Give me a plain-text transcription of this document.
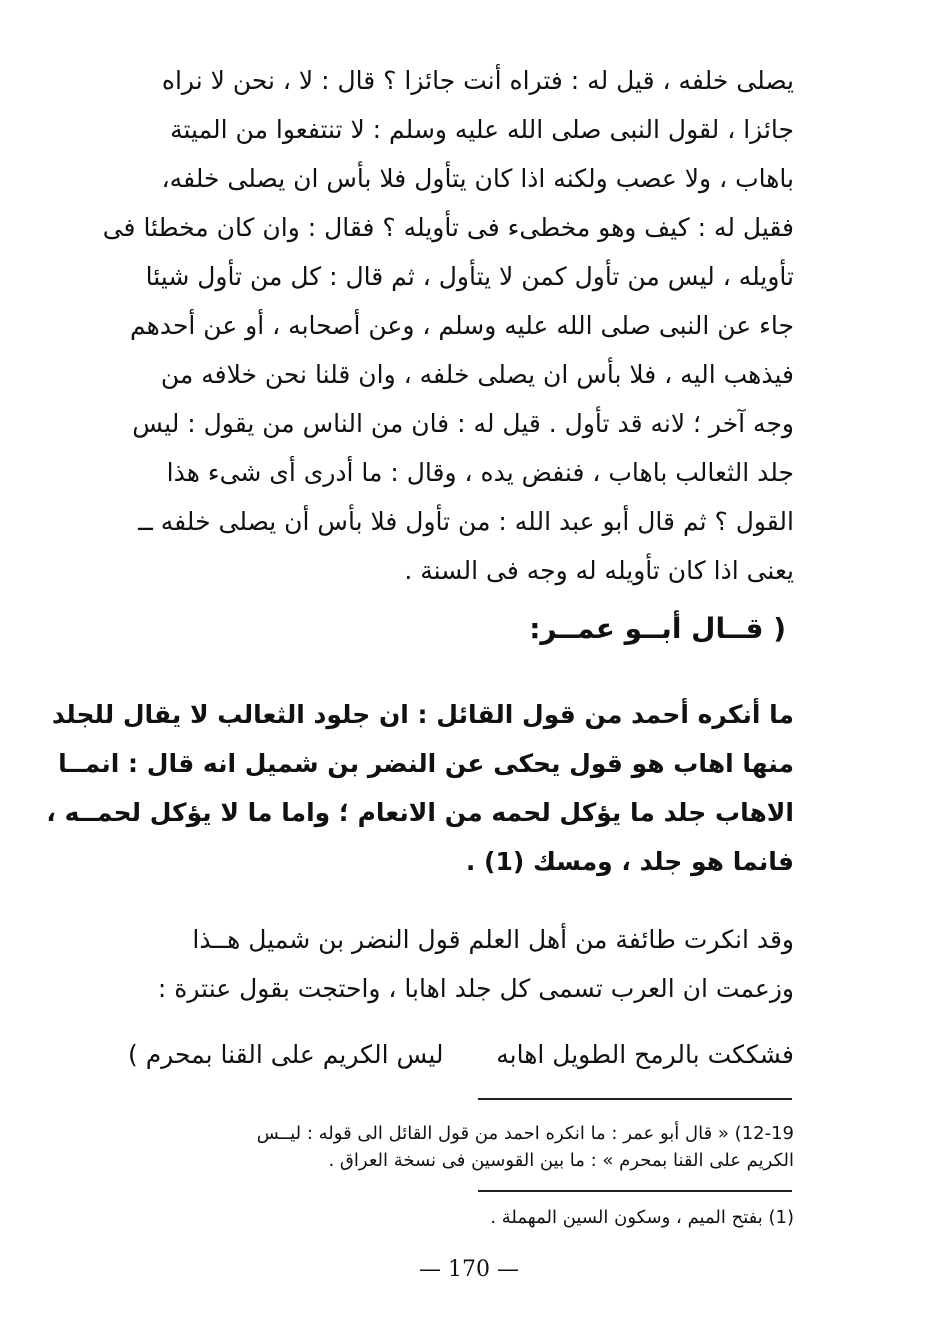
يصلى خلفه ، قيل له : فتراه أنت جائزا ؟ قال : لا ، نحن لا نراه
جائزا ، لقول النبى صلى الله عليه وسلم : لا تنتفعوا من الميتة
باهاب ، ولا عصب ولكنه اذا كان يتأول فلا بأس ان يصلى خلفه،
فقيل له : كيف وهو مخطىء فى تأويله ؟ فقال : وان كان مخطئا فى
تأويله ، ليس من تأول كمن لا يتأول ، ثم قال : كل من تأول شيئا
جاء عن النبى صلى الله عليه وسلم ، وعن أصحابه ، أو عن أحدهم
فيذهب اليه ، فلا بأس ان يصلى خلفه ، وان قلنا نحن خلافه من
وجه آخر ؛ لانه قد تأول . قيل له : فان من الناس من يقول : ليس
جلد الثعالب باهاب ، فنفض يده ، وقال : ما أدرى أى شىء هذا
القول ؟ ثم قال أبو عبد الله : من تأول فلا بأس أن يصلى خلفه ــ
يعنى اذا كان تأويله له وجه فى السنة .
( قــال أبــو عمــر:
ما أنكره أحمد من قول القائل : ان جلود الثعالب لا يقال للجلد
منها اهاب هو قول يحكى عن النضر بن شميل انه قال : انمــا
الاهاب جلد ما يؤكل لحمه من الانعام ؛ واما ما لا يؤكل لحمــه ،
فانما هو جلد ، ومسك (1) .
وقد انكرت طائفة من أهل العلم قول النضر بن شميل هــذا
وزعمت ان العرب تسمى كل جلد اهابا ، واحتجت بقول عنترة :
فشككت بالرمح الطويل اهابه
ليس الكريم على القنا بمحرم )
12-19) « قال أبو عمر : ما انكره احمد من قول القائل الى قوله : ليــس
الكريم على القنا بمحرم » : ما بين القوسين فى نسخة العراق .
(1) بفتح الميم ، وسكون السين المهملة .
— 170 —
